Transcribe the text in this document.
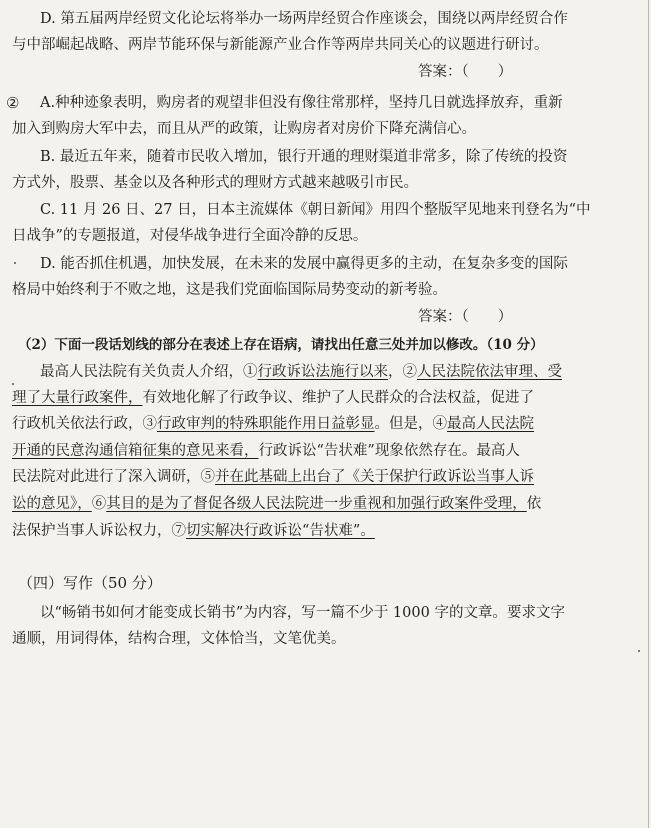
D. 第五届两岸经贸文化论坛将举办一场两岸经贸合作座谈会，围绕以两岸经贸合作
与中部崛起战略、两岸节能环保与新能源产业合作等两岸共同关心的议题进行研讨。
答案：（　　）
② A.种种迹象表明，购房者的观望非但没有像往常那样，坚持几日就选择放弃，重新
加入到购房大军中去，而且从严的政策，让购房者对房价下降充满信心。
B. 最近五年来，随着市民收入增加，银行开通的理财渠道非常多，除了传统的投资
方式外，股票、基金以及各种形式的理财方式越来越吸引市民。
C. 11 月 26 日、27 日，日本主流媒体《朝日新闻》用四个整版罕见地来刊登名为“中
日战争”的专题报道，对侵华战争进行全面冷静的反思。
D. 能否抓住机遇，加快发展，在未来的发展中赢得更多的主动，在复杂多变的国际
格局中始终利于不败之地，这是我们党面临国际局势变动的新考验。
答案：（　　）
（2）下面一段话划线的部分在表述上存在语病，请找出任意三处并加以修改。（10 分）
最高人民法院有关负责人介绍，①行政诉讼法施行以来，②人民法院依法审理、受
理了大量行政案件，有效地化解了行政争议、维护了人民群众的合法权益，促进了
行政机关依法行政，③行政审判的特殊职能作用日益彰显。但是，④最高人民法院
开通的民意沟通信箱征集的意见来看，行政诉讼“告状难”现象依然存在。最高人
民法院对此进行了深入调研，⑤并在此基础上出台了《关于保护行政诉讼当事人诉
讼的意见》，⑥其目的是为了督促各级人民法院进一步重视和加强行政案件受理，依
法保护当事人诉讼权力，⑦切实解决行政诉讼“告状难”。
（四）写作（50 分）
以“畅销书如何才能变成长销书”为内容，写一篇不少于 1000 字的文章。要求文字
通顺，用词得体，结构合理，文体恰当，文笔优美。
